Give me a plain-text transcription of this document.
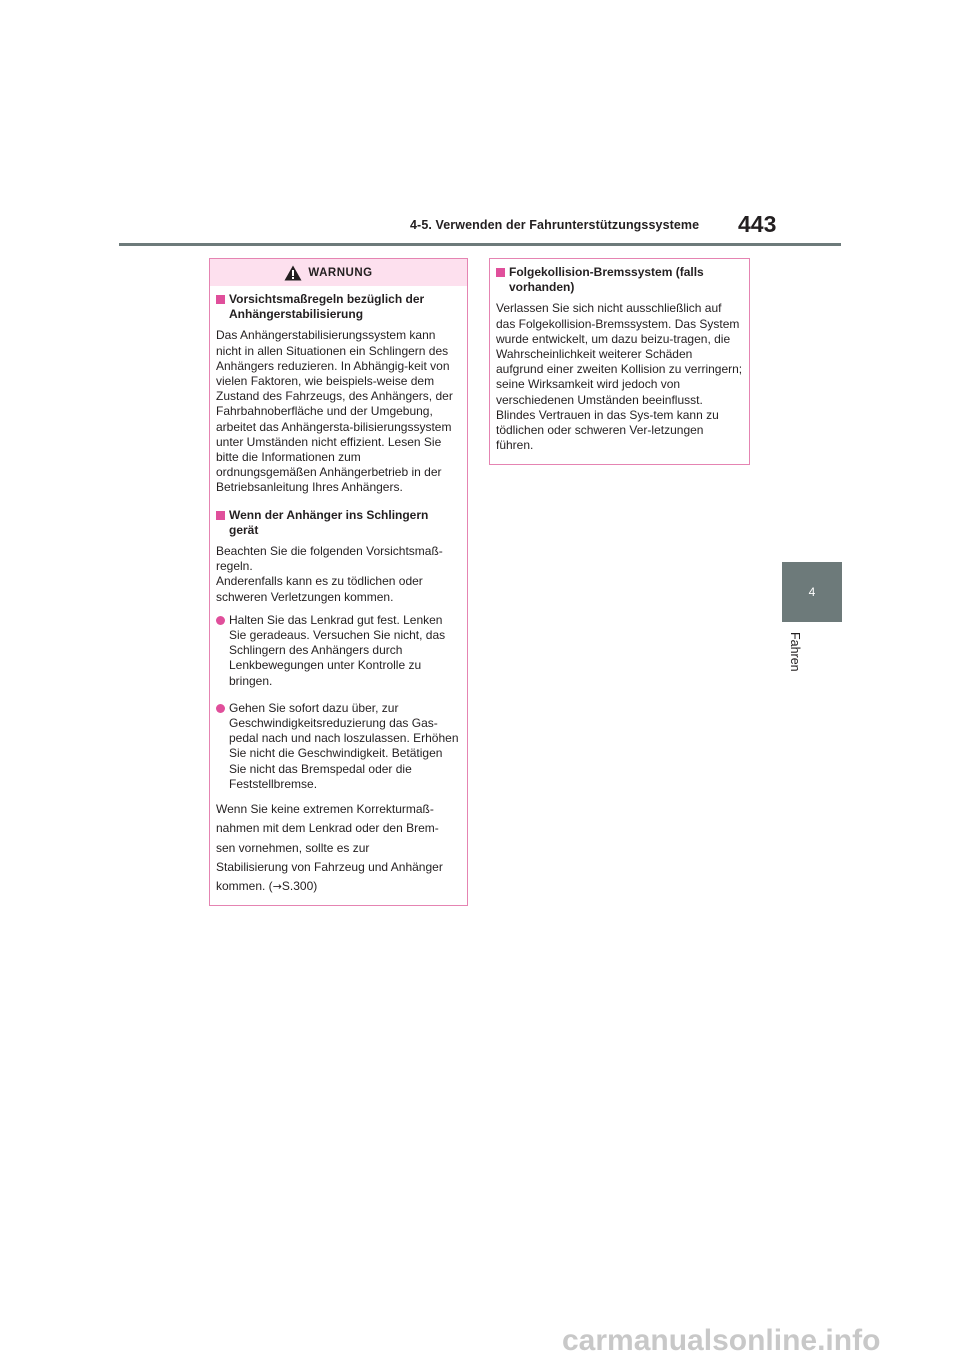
4-5. Verwenden der Fahrunterstützungssysteme 443
4
Fahren
WARNUNG
Vorsichtsmaßregeln bezüglich der Anhängerstabilisierung

Das Anhängerstabilisierungssystem kann nicht in allen Situationen ein Schlingern des Anhängers reduzieren. In Abhängig-keit von vielen Faktoren, wie beispiels-weise dem Zustand des Fahrzeugs, des Anhängers, der Fahrbahnoberfläche und der Umgebung, arbeitet das Anhängersta-bilisierungssystem unter Umständen nicht effizient. Lesen Sie bitte die Informationen zum ordnungsgemäßen Anhängerbetrieb in der Betriebsanleitung Ihres Anhängers.

Wenn der Anhänger ins Schlingern gerät

Beachten Sie die folgenden Vorsichtsmaß-regeln.

Anderenfalls kann es zu tödlichen oder schweren Verletzungen kommen.

Halten Sie das Lenkrad gut fest. Lenken Sie geradeaus. Versuchen Sie nicht, das Schlingern des Anhängers durch Lenkbewegungen unter Kontrolle zu bringen.
Gehen Sie sofort dazu über, zur Geschwindigkeitsreduzierung das Gas-pedal nach und nach loszulassen. Erhöhen Sie nicht die Geschwindigkeit. Betätigen Sie nicht das Bremspedal oder die Feststellbremse.
Wenn Sie keine extremen Korrekturmaß-
nahmen mit dem Lenkrad oder den Brem-
sen vornehmen, sollte es zur
Stabilisierung von Fahrzeug und Anhänger
kommen. (→S.300)
Folgekollision-Bremssystem (falls vorhanden)

Verlassen Sie sich nicht ausschließlich auf das Folgekollision-Bremssystem. Das System wurde entwickelt, um dazu beizu-tragen, die Wahrscheinlichkeit weiterer Schäden aufgrund einer zweiten Kollision zu verringern; seine Wirksamkeit wird jedoch von verschiedenen Umständen beeinflusst. Blindes Vertrauen in das Sys-tem kann zu tödlichen oder schweren Ver-letzungen führen.

carmanualsonline.info
